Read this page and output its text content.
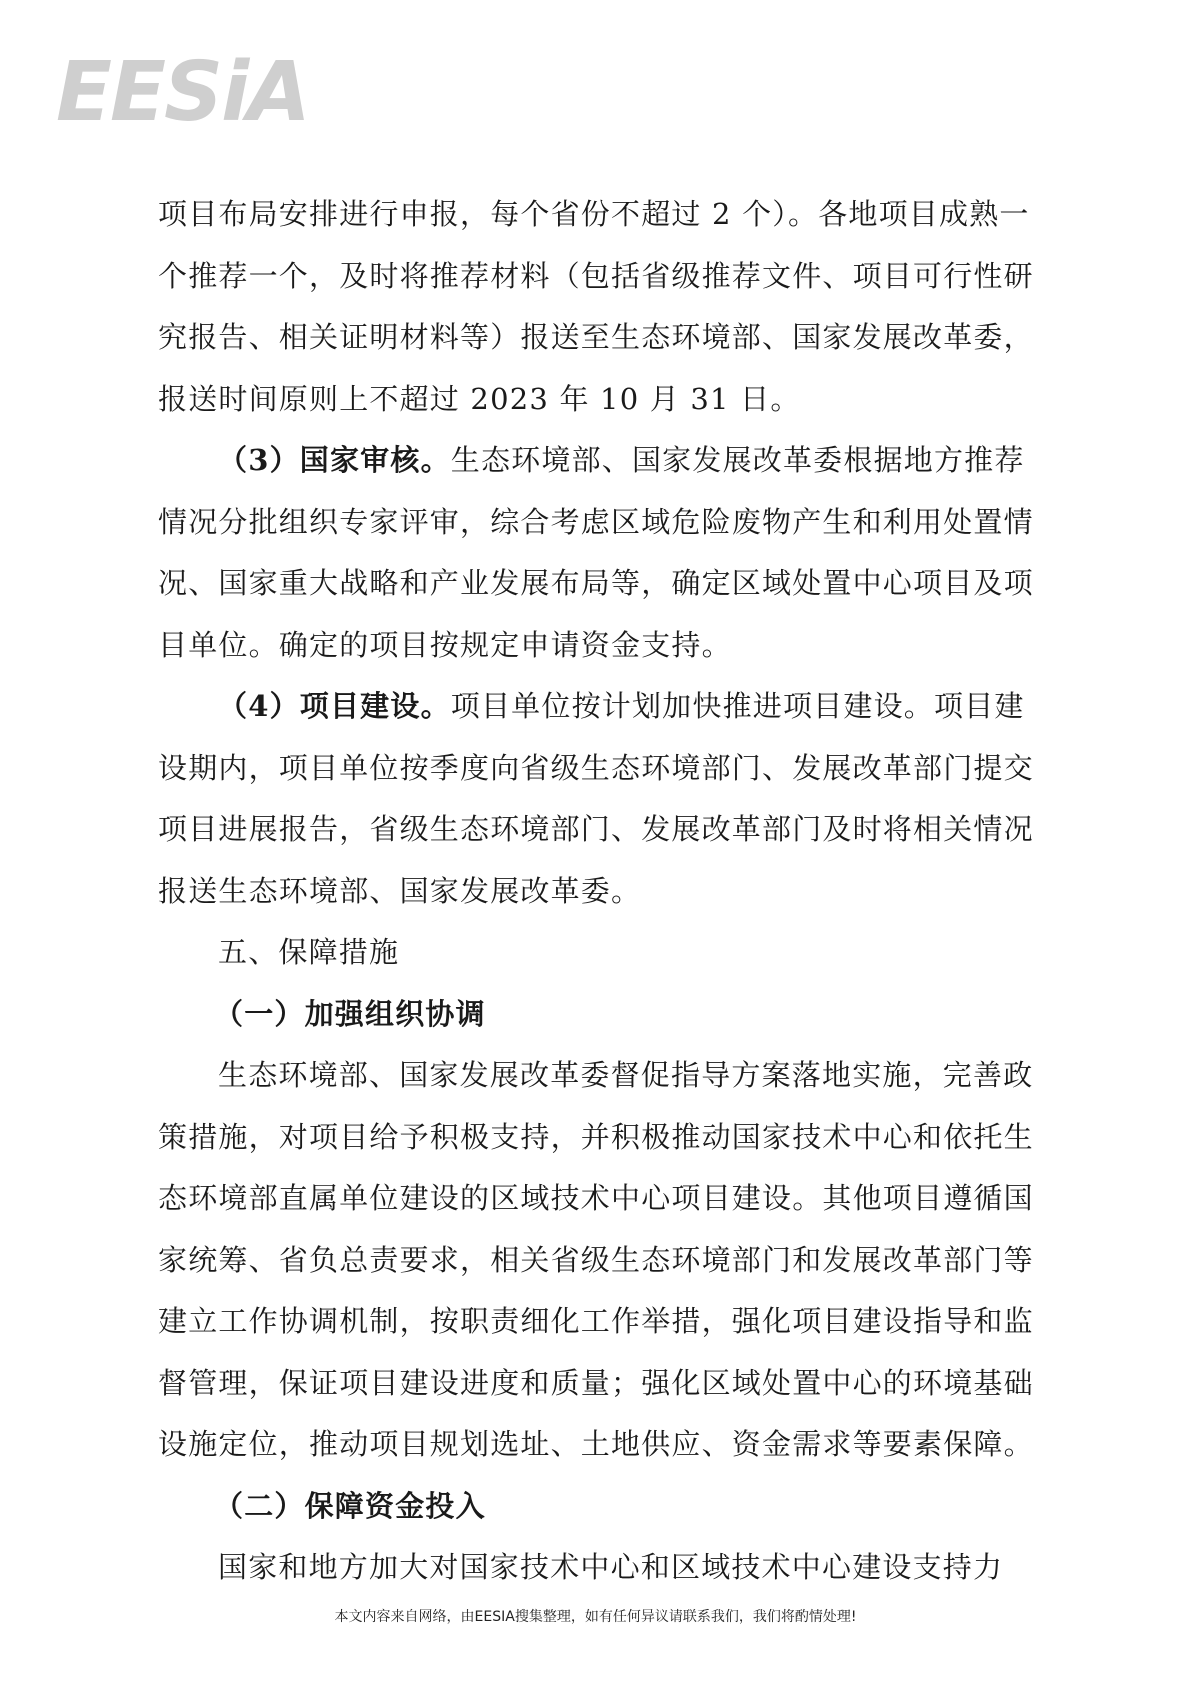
EESiA
项目布局安排进行申报，每个省份不超过 2 个）。各地项目成熟一
个推荐一个，及时将推荐材料（包括省级推荐文件、项目可行性研
究报告、相关证明材料等）报送至生态环境部、国家发展改革委，
报送时间原则上不超过 2023 年 10 月 31 日。
（3）国家审核。生态环境部、国家发展改革委根据地方推荐
情况分批组织专家评审，综合考虑区域危险废物产生和利用处置情
况、国家重大战略和产业发展布局等，确定区域处置中心项目及项
目单位。确定的项目按规定申请资金支持。
（4）项目建设。项目单位按计划加快推进项目建设。项目建
设期内，项目单位按季度向省级生态环境部门、发展改革部门提交
项目进展报告，省级生态环境部门、发展改革部门及时将相关情况
报送生态环境部、国家发展改革委。
五、保障措施
（一）加强组织协调
生态环境部、国家发展改革委督促指导方案落地实施，完善政
策措施，对项目给予积极支持，并积极推动国家技术中心和依托生
态环境部直属单位建设的区域技术中心项目建设。其他项目遵循国
家统筹、省负总责要求，相关省级生态环境部门和发展改革部门等
建立工作协调机制，按职责细化工作举措，强化项目建设指导和监
督管理，保证项目建设进度和质量；强化区域处置中心的环境基础
设施定位，推动项目规划选址、土地供应、资金需求等要素保障。
（二）保障资金投入
国家和地方加大对国家技术中心和区域技术中心建设支持力
本文内容来自网络，由EESIA搜集整理，如有任何异议请联系我们，我们将酌情处理!
